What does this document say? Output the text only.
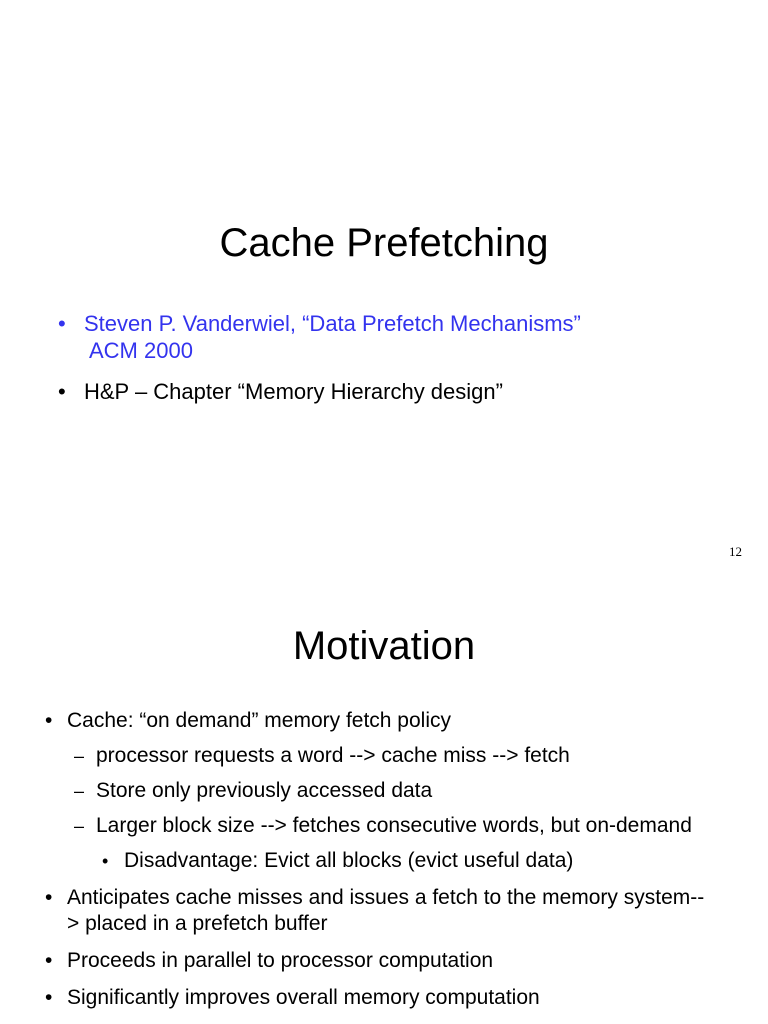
Cache Prefetching
• Steven P. Vanderwiel, “Data Prefetch Mechanisms”
ACM 2000
• H&P – Chapter “Memory Hierarchy design”
12
Motivation
• Cache: “on demand” memory fetch policy
– processor requests a word --> cache miss --> fetch
– Store only previously accessed data
– Larger block size --> fetches consecutive words, but on-demand
• Disadvantage: Evict all blocks (evict useful data)
• Anticipates cache misses and issues a fetch to the memory system--> placed in a prefetch buffer
• Proceeds in parallel to processor computation
• Significantly improves overall memory computation
